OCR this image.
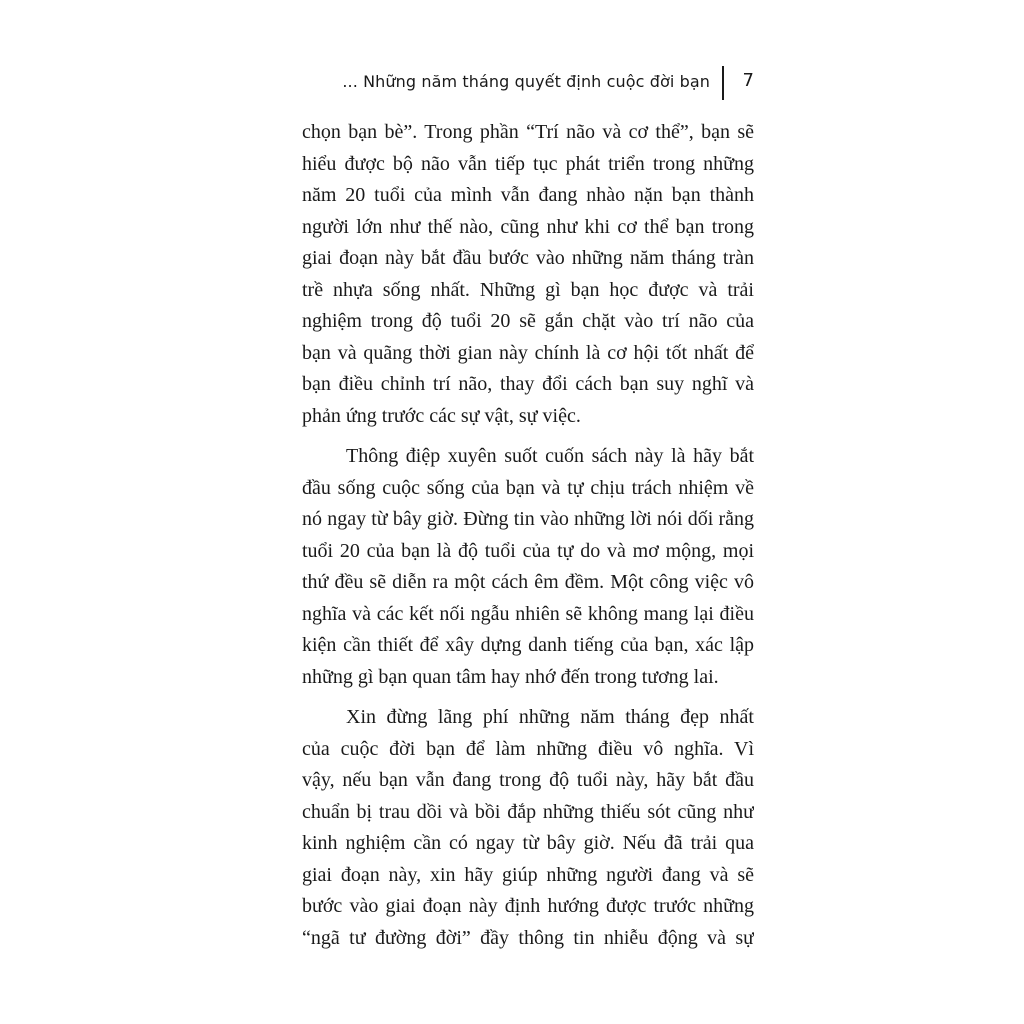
... Những năm tháng quyết định cuộc đời bạn 7
chọn bạn bè”. Trong phần “Trí não và cơ thể”, bạn sẽ
hiểu được bộ não vẫn tiếp tục phát triển trong những
năm 20 tuổi của mình vẫn đang nhào nặn bạn thành
người lớn như thế nào, cũng như khi cơ thể bạn trong
giai đoạn này bắt đầu bước vào những năm tháng tràn
trề nhựa sống nhất. Những gì bạn học được và trải
nghiệm trong độ tuổi 20 sẽ gắn chặt vào trí não của
bạn và quãng thời gian này chính là cơ hội tốt nhất để
bạn điều chỉnh trí não, thay đổi cách bạn suy nghĩ và
phản ứng trước các sự vật, sự việc.
Thông điệp xuyên suốt cuốn sách này là hãy bắt
đầu sống cuộc sống của bạn và tự chịu trách nhiệm về
nó ngay từ bây giờ. Đừng tin vào những lời nói dối rằng
tuổi 20 của bạn là độ tuổi của tự do và mơ mộng, mọi
thứ đều sẽ diễn ra một cách êm đềm. Một công việc vô
nghĩa và các kết nối ngẫu nhiên sẽ không mang lại điều
kiện cần thiết để xây dựng danh tiếng của bạn, xác lập
những gì bạn quan tâm hay nhớ đến trong tương lai.
Xin đừng lãng phí những năm tháng đẹp nhất
của cuộc đời bạn để làm những điều vô nghĩa. Vì
vậy, nếu bạn vẫn đang trong độ tuổi này, hãy bắt đầu
chuẩn bị trau dồi và bồi đắp những thiếu sót cũng như
kinh nghiệm cần có ngay từ bây giờ. Nếu đã trải qua
giai đoạn này, xin hãy giúp những người đang và sẽ
bước vào giai đoạn này định hướng được trước những
“ngã tư đường đời” đầy thông tin nhiễu động và sự
